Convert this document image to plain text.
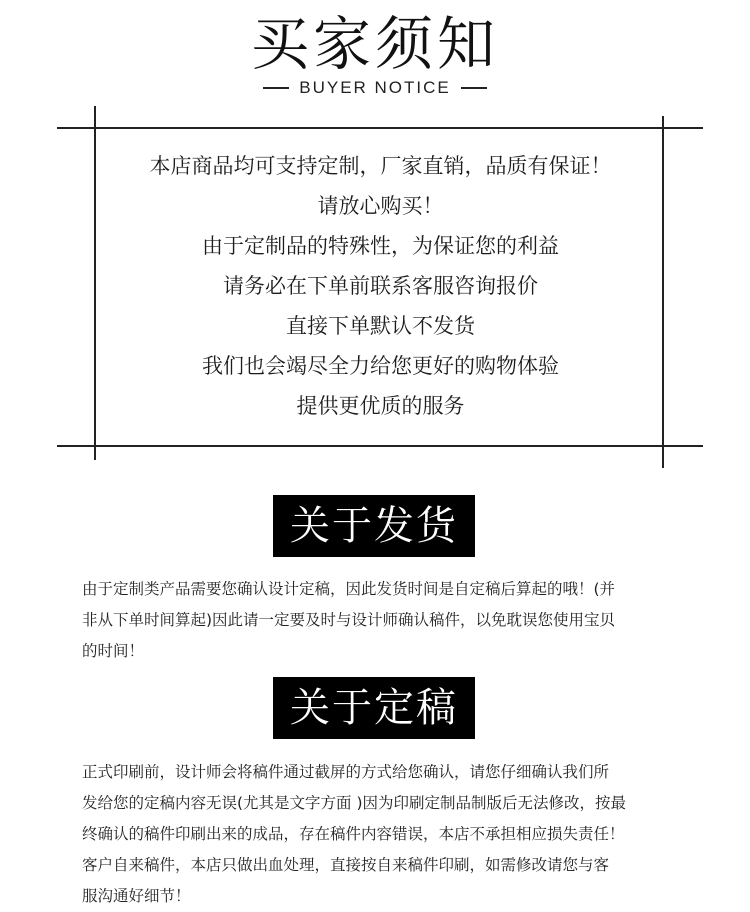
买家须知
BUYER NOTICE
本店商品均可支持定制，厂家直销，品质有保证！
请放心购买！
由于定制品的特殊性，为保证您的利益
请务必在下单前联系客服咨询报价
直接下单默认不发货
我们也会竭尽全力给您更好的购物体验
提供更优质的服务
关于发货
由于定制类产品需要您确认设计定稿，因此发货时间是自定稿后算起的哦！(并
非从下单时间算起)因此请一定要及时与设计师确认稿件，以免耽误您使用宝贝
的时间！
关于定稿
正式印刷前，设计师会将稿件通过截屏的方式给您确认，请您仔细确认我们所
发给您的定稿内容无误(尤其是文字方面 )因为印刷定制品制版后无法修改，按最
终确认的稿件印刷出来的成品，存在稿件内容错误，本店不承担相应损失责任！
客户自来稿件，本店只做出血处理，直接按自来稿件印刷，如需修改请您与客
服沟通好细节！
